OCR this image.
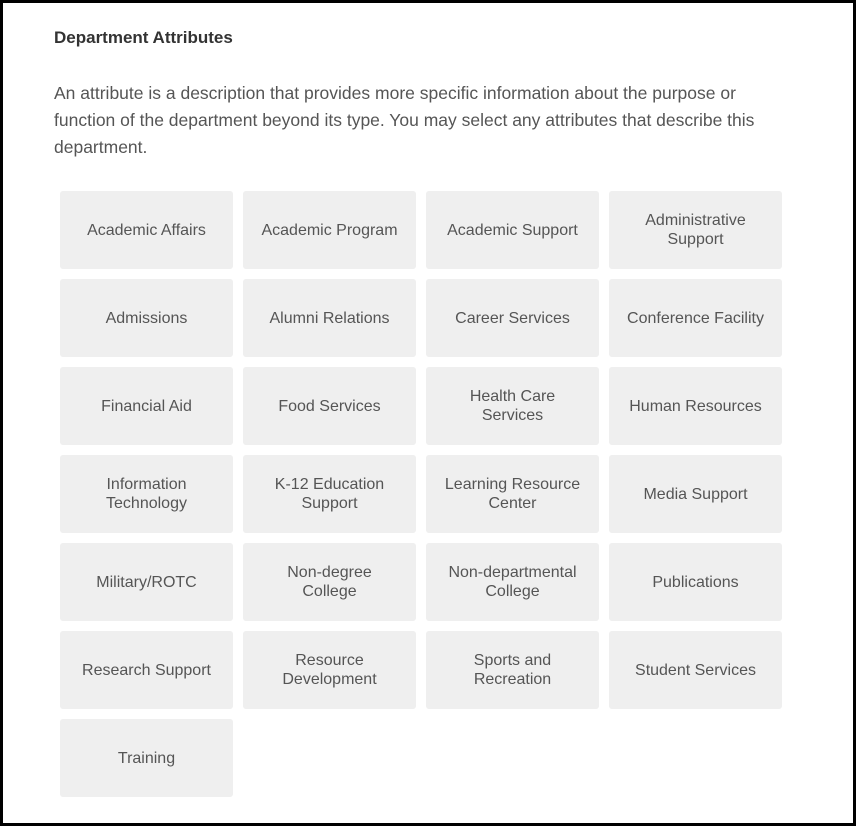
Department Attributes

An attribute is a description that provides more specific information about the purpose or function of the department beyond its type. You may select any attributes that describe this department.

Academic Affairs	Academic Program	Academic Support
Administrative Support
Admissions	Alumni Relations	Career Services	Conference Facility
Financial Aid	Food Services
Health Care Services
Human Resources
Information Technology
K-12 Education Support
Learning Resource Center
Media Support
Military/ROTC
Non-degree College
Non-departmental College
Publications
Research Support
Resource Development
Sports and Recreation
Student Services
Training
